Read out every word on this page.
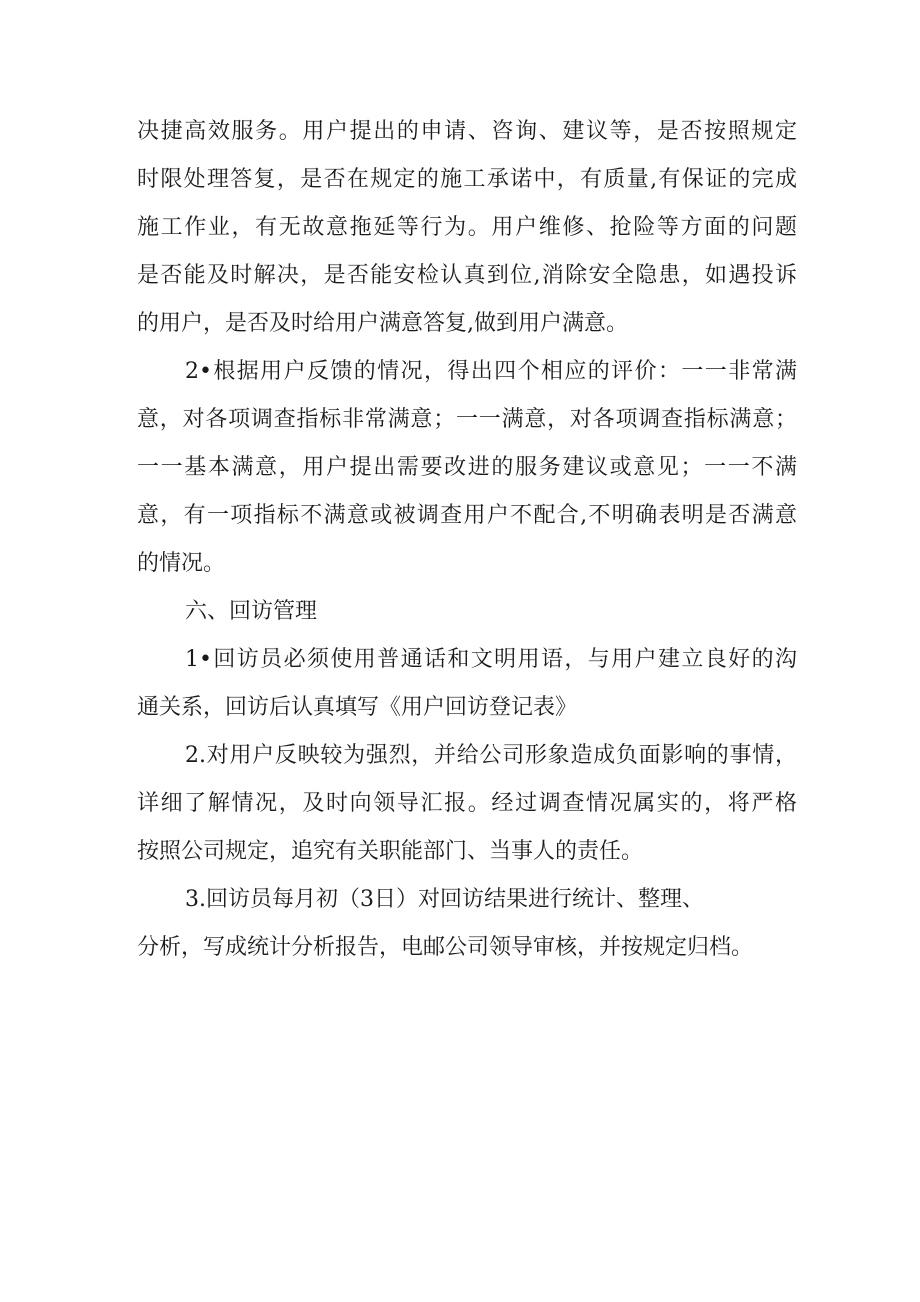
决捷高效服务。用户提出的申请、咨询、建议等，是否按照规定
时限处理答复，是否在规定的施工承诺中，有质量,有保证的完成
施工作业，有无故意拖延等行为。用户维修、抢险等方面的问题
是否能及时解决，是否能安检认真到位,消除安全隐患，如遇投诉
的用户，是否及时给用户满意答复,做到用户满意。
2•根据用户反馈的情况，得出四个相应的评价：一一非常满
意，对各项调查指标非常满意；一一满意，对各项调查指标满意；
一一基本满意，用户提出需要改进的服务建议或意见；一一不满
意，有一项指标不满意或被调查用户不配合,不明确表明是否满意
的情况。
六、回访管理
1•回访员必须使用普通话和文明用语，与用户建立良好的沟
通关系，回访后认真填写《用户回访登记表》
2.对用户反映较为强烈，并给公司形象造成负面影响的事情，
详细了解情况，及时向领导汇报。经过调查情况属实的，将严格
按照公司规定，追究有关职能部门、当事人的责任。
3.回访员每月初（3日）对回访结果进行统计、整理、
分析，写成统计分析报告，电邮公司领导审核，并按规定归档。
